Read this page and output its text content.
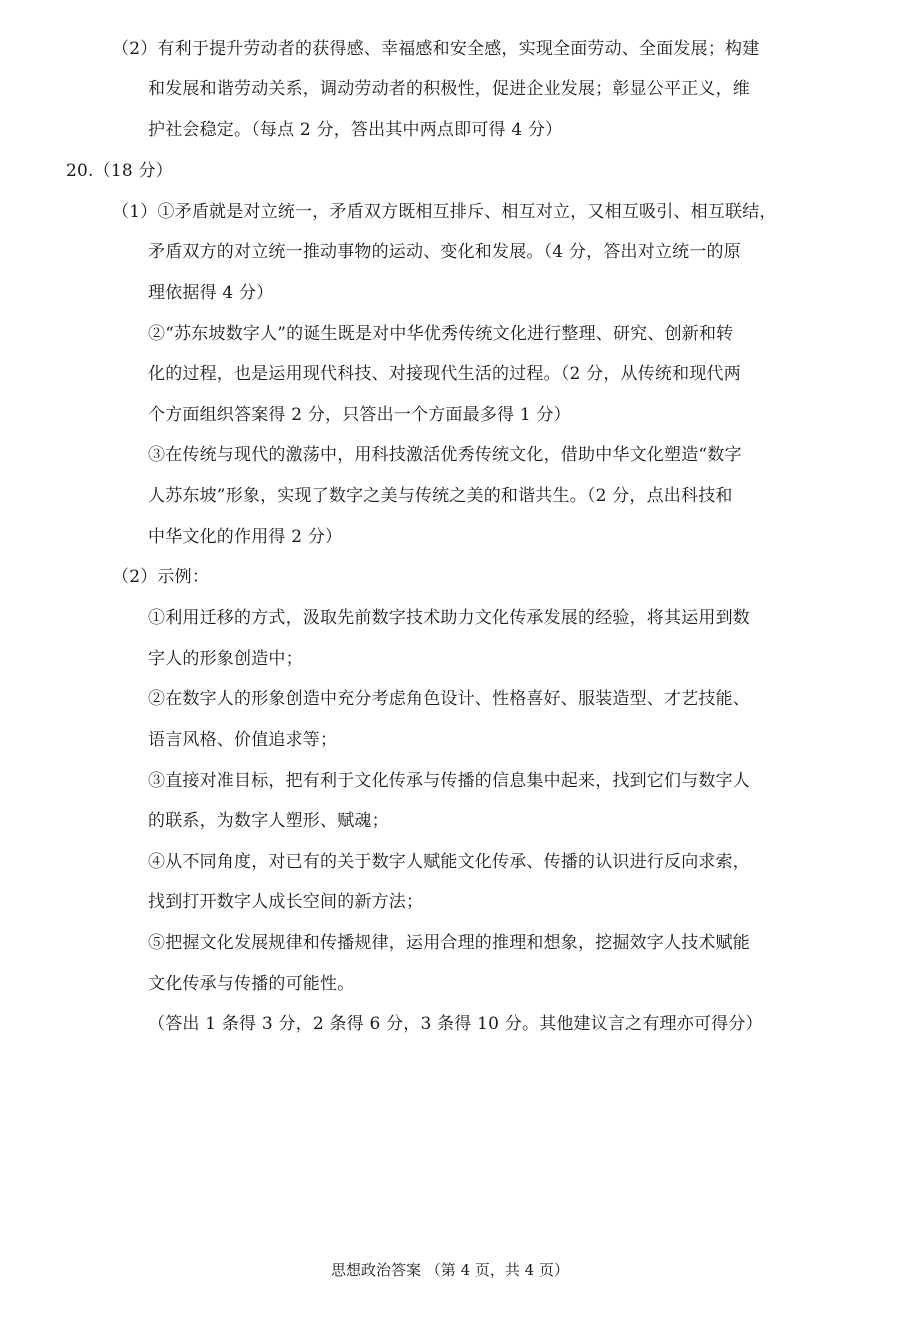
（2）有利于提升劳动者的获得感、幸福感和安全感，实现全面劳动、全面发展；构建
和发展和谐劳动关系，调动劳动者的积极性，促进企业发展；彰显公平正义，维
护社会稳定。（每点 2 分，答出其中两点即可得 4 分）
20.（18 分）
（1）①矛盾就是对立统一，矛盾双方既相互排斥、相互对立，又相互吸引、相互联结，
矛盾双方的对立统一推动事物的运动、变化和发展。（4 分，答出对立统一的原
理依据得 4 分）
②“苏东坡数字人”的诞生既是对中华优秀传统文化进行整理、研究、创新和转
化的过程，也是运用现代科技、对接现代生活的过程。（2 分，从传统和现代两
个方面组织答案得 2 分，只答出一个方面最多得 1 分）
③在传统与现代的激荡中，用科技激活优秀传统文化，借助中华文化塑造“数字
人苏东坡”形象，实现了数字之美与传统之美的和谐共生。（2 分，点出科技和
中华文化的作用得 2 分）
（2）示例：
①利用迁移的方式，汲取先前数字技术助力文化传承发展的经验，将其运用到数
字人的形象创造中；
②在数字人的形象创造中充分考虑角色设计、性格喜好、服装造型、才艺技能、
语言风格、价值追求等；
③直接对准目标，把有利于文化传承与传播的信息集中起来，找到它们与数字人
的联系，为数字人塑形、赋魂；
④从不同角度，对已有的关于数字人赋能文化传承、传播的认识进行反向求索，
找到打开数字人成长空间的新方法；
⑤把握文化发展规律和传播规律，运用合理的推理和想象，挖掘效字人技术赋能
文化传承与传播的可能性。
（答出 1 条得 3 分，2 条得 6 分，3 条得 10 分。其他建议言之有理亦可得分）
思想政治答案 （第 4 页，共 4 页）
